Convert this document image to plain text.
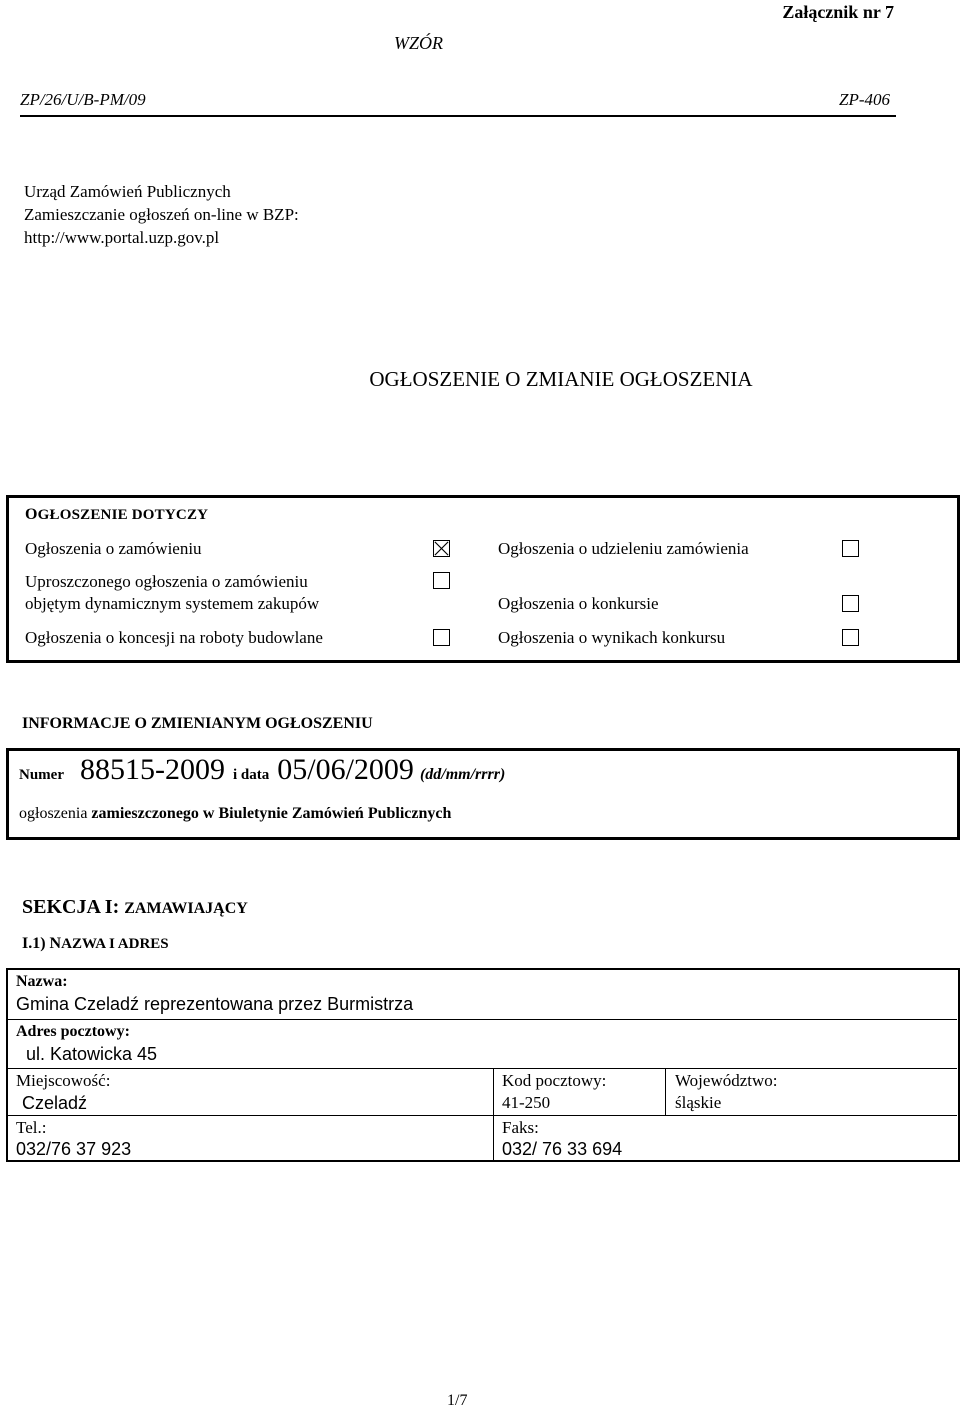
Załącznik nr 7
WZÓR
ZP/26/U/B-PM/09	ZP-406
Urząd Zamówień Publicznych
Zamieszczanie ogłoszeń on-line w BZP:
http://www.portal.uzp.gov.pl
OGŁOSZENIE O ZMIANIE OGŁOSZENIA
OGŁOSZENIE DOTYCZY
Ogłoszenia o zamówieniu
Uproszczonego ogłoszenia o zamówieniu
objętym dynamicznym systemem zakupów
Ogłoszenia o koncesji na roboty budowlane
Ogłoszenia o udzieleniu zamówienia
Ogłoszenia o konkursie
Ogłoszenia o wynikach konkursu
INFORMACJE O ZMIENIANYM OGŁOSZENIU
Numer 88515-2009 i data 05/06/2009 (dd/mm/rrrr)
ogłoszenia zamieszczonego w Biuletynie Zamówień Publicznych
SEKCJA I: ZAMAWIAJĄCY
I.1) NAZWA I ADRES
Nazwa:
Gmina Czeladź reprezentowana przez Burmistrza
Adres pocztowy:
ul. Katowicka 45
Miejscowość:
Czeladź
Kod pocztowy:
41-250
Województwo:
śląskie
Tel.:
032/76 37 923
Faks:
032/ 76 33 694
1/7
